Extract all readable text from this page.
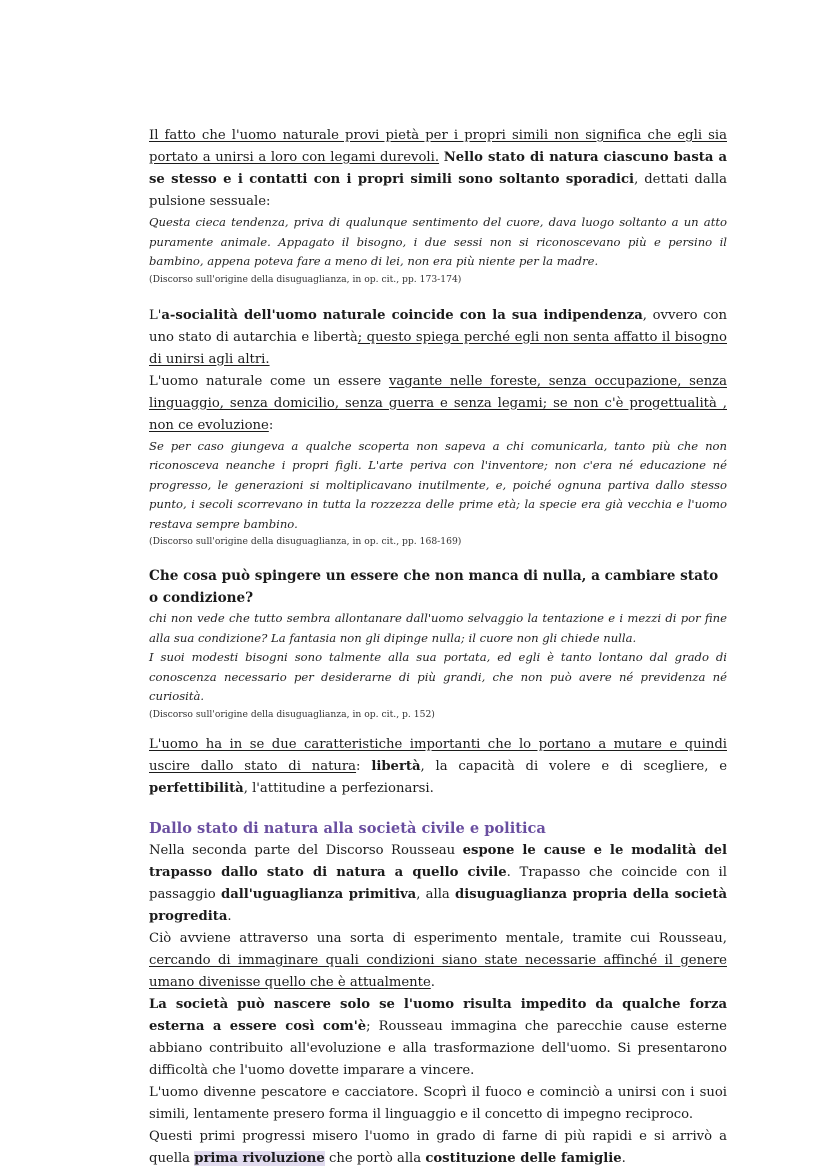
Il fatto che l'uomo naturale provi pietà per i propri simili non significa che egli sia portato a unirsi a loro con legami durevoli. Nello stato di natura ciascuno basta a se stesso e i contatti con i propri simili sono soltanto sporadici, dettati dalla pulsione sessuale:

Questa cieca tendenza, priva di qualunque sentimento del cuore, dava luogo soltanto a un atto puramente animale. Appagato il bisogno, i due sessi non si riconoscevano più e persino il bambino, appena poteva fare a meno di lei, non era più niente per la madre.

(Discorso sull'origine della disuguaglianza, in op. cit., pp. 173-174)

L'a-socialità dell'uomo naturale coincide con la sua indipendenza, ovvero con uno stato di autarchia e libertà; questo spiega perché egli non senta affatto il bisogno di unirsi agli altri.

L'uomo naturale come un essere vagante nelle foreste, senza occupazione, senza linguaggio, senza domicilio, senza guerra e senza legami; se non c'è progettualità , non ce evoluzione:

Se per caso giungeva a qualche scoperta non sapeva a chi comunicarla, tanto più che non riconosceva neanche i propri figli. L'arte periva con l'inventore; non c'era né educazione né progresso, le generazioni si moltiplicavano inutilmente, e, poiché ognuna partiva dallo stesso punto, i secoli scorrevano in tutta la rozzezza delle prime età; la specie era già vecchia e l'uomo restava sempre bambino.

(Discorso sull'origine della disuguaglianza, in op. cit., pp. 168-169)

Che cosa può spingere un essere che non manca di nulla, a cambiare stato o condizione?

chi non vede che tutto sembra allontanare dall'uomo selvaggio la tentazione e i mezzi di por fine alla sua condizione? La fantasia non gli dipinge nulla; il cuore non gli chiede nulla.

I suoi modesti bisogni sono talmente alla sua portata, ed egli è tanto lontano dal grado di conoscenza necessario per desiderarne di più grandi, che non può avere né previdenza né curiosità.

(Discorso sull'origine della disuguaglianza, in op. cit., p. 152)

L'uomo ha in se due caratteristiche importanti che lo portano a mutare e quindi uscire dallo stato di natura: libertà, la capacità di volere e di scegliere, e perfettibilità, l'attitudine a perfezionarsi.

Dallo stato di natura alla società civile e politica

Nella seconda parte del Discorso Rousseau espone le cause e le modalità del trapasso dallo stato di natura a quello civile. Trapasso che coincide con il passaggio dall'uguaglianza primitiva, alla disuguaglianza propria della società progredita.

Ciò avviene attraverso una sorta di esperimento mentale, tramite cui Rousseau, cercando di immaginare quali condizioni siano state necessarie affinché il genere umano divenisse quello che è attualmente.

La società può nascere solo se l'uomo risulta impedito da qualche forza esterna a essere così com'è; Rousseau immagina che parecchie cause esterne abbiano contribuito all'evoluzione e alla trasformazione dell'uomo. Si presentarono difficoltà che l'uomo dovette imparare a vincere.

L'uomo divenne pescatore e cacciatore. Scoprì il fuoco e cominciò a unirsi con i suoi simili, lentamente presero forma il linguaggio e il concetto di impegno reciproco.

Questi primi progressi misero l'uomo in grado di farne di più rapidi e si arrivò a quella prima rivoluzione che portò alla costituzione delle famiglie.
